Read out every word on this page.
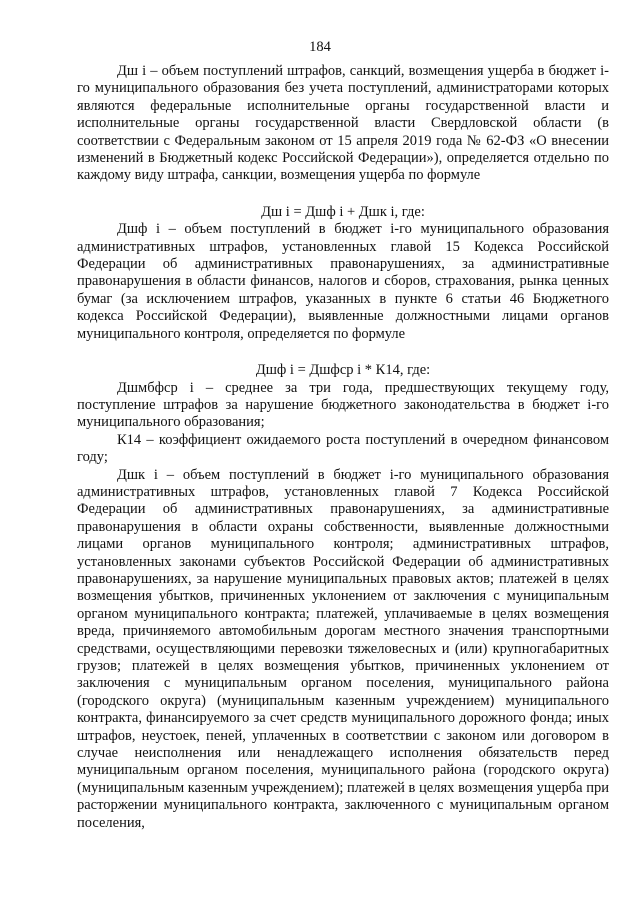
184

Дш i – объем поступлений штрафов, санкций, возмещения ущерба в бюджет i-го муниципального образования без учета поступлений, администраторами которых являются федеральные исполнительные органы государственной власти и исполнительные органы государственной власти Свердловской области (в соответствии с Федеральным законом от 15 апреля 2019 года № 62-ФЗ «О внесении изменений в Бюджетный кодекс Российской Федерации»), определяется отдельно по каждому виду штрафа, санкции, возмещения ущерба по формуле

Дш i = Дшф i + Дшк i, где:

Дшф i – объем поступлений в бюджет i-го муниципального образования административных штрафов, установленных главой 15 Кодекса Российской Федерации об административных правонарушениях, за административные правонарушения в области финансов, налогов и сборов, страхования, рынка ценных бумаг (за исключением штрафов, указанных в пункте 6 статьи 46 Бюджетного кодекса Российской Федерации), выявленные должностными лицами органов муниципального контроля, определяется по формуле

Дшф i = Дшфср i * К14, где:

Дшмбфср i – среднее за три года, предшествующих текущему году, поступление штрафов за нарушение бюджетного законодательства в бюджет i-го муниципального образования;

К14 – коэффициент ожидаемого роста поступлений в очередном финансовом году;

Дшк i – объем поступлений в бюджет i-го муниципального образования административных штрафов, установленных главой 7 Кодекса Российской Федерации об административных правонарушениях, за административные правонарушения в области охраны собственности, выявленные должностными лицами органов муниципального контроля; административных штрафов, установленных законами субъектов Российской Федерации об административных правонарушениях, за нарушение муниципальных правовых актов; платежей в целях возмещения убытков, причиненных уклонением от заключения с муниципальным органом муниципального контракта; платежей, уплачиваемые в целях возмещения вреда, причиняемого автомобильным дорогам местного значения транспортными средствами, осуществляющими перевозки тяжеловесных и (или) крупногабаритных грузов; платежей в целях возмещения убытков, причиненных уклонением от заключения с муниципальным органом поселения, муниципального района (городского округа) (муниципальным казенным учреждением) муниципального контракта, финансируемого за счет средств муниципального дорожного фонда; иных штрафов, неустоек, пеней, уплаченных в соответствии с законом или договором в случае неисполнения или ненадлежащего исполнения обязательств перед муниципальным органом поселения, муниципального района (городского округа) (муниципальным казенным учреждением); платежей в целях возмещения ущерба при расторжении муниципального контракта, заключенного с муниципальным органом поселения,
